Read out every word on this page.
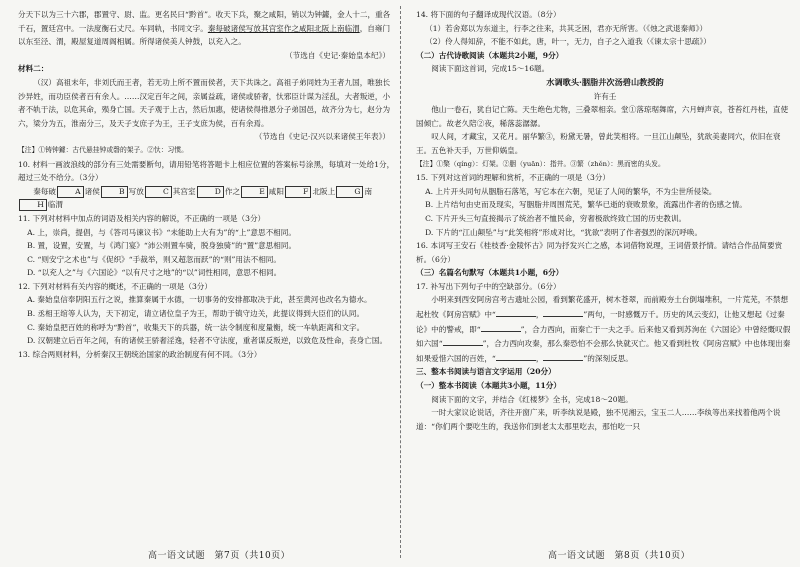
分天下以为三十六郡，郡置守、尉、监。更名民曰“黔首”。收天下兵，聚之咸阳，销以为钟鐻，金人十二，重各千石，置廷宫中。一法度衡石丈尺。车同轨，书同文字。秦每破诸侯写放其宫室作之咸阳北阪上南临渭，自雍门以东至泾、渭，殿屋复道周阁相属。所得诸侯美人钟鼓，以充入之。

（节选自《史记·秦始皇本纪》）

材料二：

（汉）高祖末年，非刘氏而王者，若无功上所不置而侯者，天下共诛之。高祖子弟同姓为王者九国，唯独长沙异姓，而功臣侯者百有余人。……汉定百年之间，亲属益疏，诸侯或骄奢，忕邪臣计谋为淫乱，大者叛逆，小者不轨于法，以危其命，殒身亡国。天子观于上古，然后加惠，使诸侯得推恩分子弟国邑，故齐分为七，赵分为六，梁分为五，淮南分三，及天子支庶子为王，王子支庶为侯，百有余焉。

（节选自《史记·汉兴以来诸侯王年表》）

【注】①铸钟鐻：古代悬挂钟或磬的架子。②忕：习惯。

10. 材料一画波浪线的部分有三处需要断句，请用铅笔将答题卡上相应位置的答案标号涂黑，每填对一处给1分，超过三处不给分。（3分）

秦每破	A 诸侯	B 写放	C 其宫室	D 作之	E 咸阳	F 北阪上	G 南H 临渭

11. 下列对材料中加点的词语及相关内容的解说，不正确的一项是（3分）

A. 上，崇尚，提倡，与《答司马谏议书》“未能助上大有为”的“上”意思不相同。

B. 置，设置，安置，与《鸿门宴》“沛公则置车骑，脱身独骑”的“置”意思相同。

C. “则安宁之术也”与《促织》“手裁举，则又超忽而跃”的“则”用法不相同。

D. “以充人之”与《六国论》“以有尺寸之地”的“以”词性相同，意思不相同。

12. 下列对材料有关内容的概述，不正确的一项是（3分）

A. 秦始皇信奉阴阳五行之说，推算秦属于水德，一切事务的安排都取决于此，甚至黄河也改名为德水。

B. 丞相王绾等人认为，天下初定，请立诸位皇子为王，帮助于镇守边关，此提议得到大臣们的认同。

C. 秦始皇把百姓的称呼为“黔首”，收集天下的兵器，统一法令制度和度量衡，统一车轨距离和文字。

D. 汉朝建立后百年之间，有的诸侯王骄奢淫逸，轻者不守法度，重者谋反叛逆，以致危及性命，丧身亡国。

13. 综合两则材料，分析秦汉王朝统治国家的政治制度有何不同。（3分）

高一语文试题　第7页（共10页）

14. 将下面的句子翻译成现代汉语。（8分）

（1）若舍郑以为东道主，行李之往来，共其乏困，君亦无所害。（《烛之武退秦师》）

（2）伶人得知辞，不能不如此，唐，叶一，无力，自子之入道我（《谏太宗十思疏》）

（二）古代诗歌阅读（本题共2小题，9分）

阅读下面这首词，完成15～16题。

水调歌头·胭脂井次汤碧山教授韵

许有壬

他山一卷石，犹自记亡陈。天生绝色尤物，三叠翠相亲。堂①落琼琚舞席，六月蝉声哀，苍苔红丹桂，直使国倾亡。故老久陪②夜，稀落蕊潺潺。

叹人间，才藏宝，又花月。丽华繁③，粉黛无暑，曾此笑相将。一旦江山颠坠，犹欲美妻同穴，依旧在衰王。五色补天手，万世仰娲皇。

【注】①檠（qíng）：灯架。②胭（yuān）：指井。③繁（zhěn）：黑而密的头发。

15. 下列对这首词的理解和赏析，不正确的一项是（3分）

A. 上片开头同句从胭脂石落笔，写它本在六朝，见证了人间的繁华，不为尘世所侵染。

B. 上片结句由史而及现实，写胭脂井周围荒芜，繁华已逝的衰败景象，流露出作者的伤感之情。

C. 下片开头三句直接揭示了统治者不恤民命，穷奢极欲终致亡国的历史教训。

D. 下片的“江山颠坠”与“此笑相将”形成对比，“犹欲”表明了作者强烈的深沉呼唤。

16. 本词写王安石《桂枝香·金陵怀古》同为抒发兴亡之感，本词借物说理，王词借景抒情。请结合作品简要赏析。（6分）

（三）名篇名句默写（本题共1小题，6分）

17. 补写出下列句子中的空缺部分。（6分）

小明来到西安阿房宫考古遗址公园，看到繁花盛开，树木苍翠，而前殿夯土台倒塌堆积，一片荒芜，不禁想起杜牧《阿房宫赋》中“	，	”两句，一时感慨万千。历史的风云变幻，让他又想起《过秦论》中的警戒，即“	”，合力西向，而秦亡于一夫之手。后来他又看到苏洵在《六国论》中曾经慨叹假如六国“	”，合力西向攻秦，那么秦恐怕不会那么快就灭亡。他又看到杜牧《阿房宫赋》中也体现出秦如果爱惜六国的百姓，“	，	”的深刻反思。

三、整本书阅读与语言文字运用（20分）

（一）整本书阅读（本题共3小题，11分）

阅读下面的文字，并结合《红楼梦》全书，完成18～20题。

一时大家议论说话，齐往开窗广来，听李纨说是殿，独不见湘云，宝玉二人……李纨等出来找着他两个说道：“你们两个要吃生的，我送你们到老太太那里吃去，那怕吃一只

高一语文试题　第8页（共10页）
